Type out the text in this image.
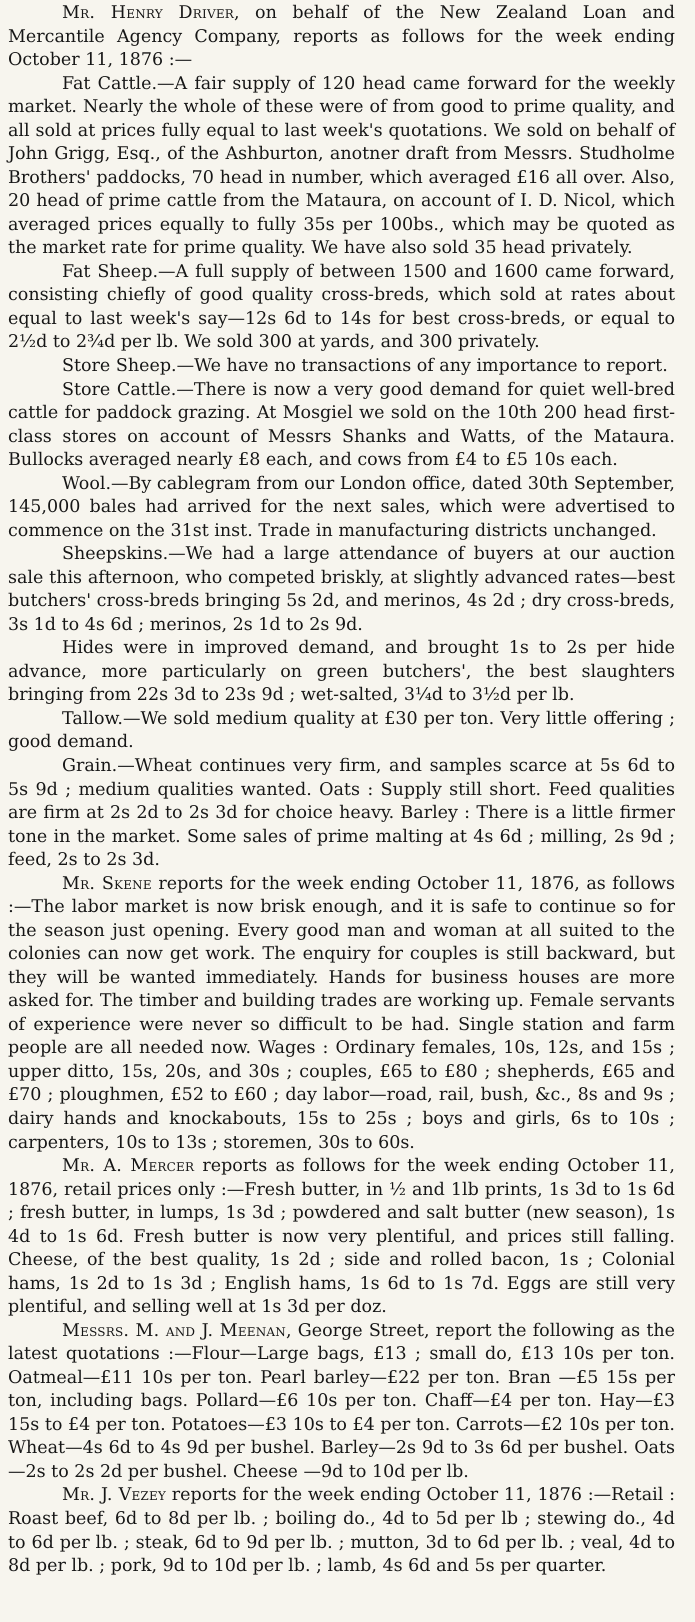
Mr. Henry Driver, on behalf of the New Zealand Loan and Mercantile Agency Company, reports as follows for the week ending October 11, 1876 :—

Fat Cattle.—A fair supply of 120 head came forward for the weekly market. Nearly the whole of these were of from good to prime quality, and all sold at prices fully equal to last week's quotations. We sold on behalf of John Grigg, Esq., of the Ashburton, anotner draft from Messrs. Studholme Brothers' paddocks, 70 head in number, which averaged £16 all over. Also, 20 head of prime cattle from the Mataura, on account of I. D. Nicol, which averaged prices equally to fully 35s per 100bs., which may be quoted as the market rate for prime quality. We have also sold 35 head privately.

Fat Sheep.—A full supply of between 1500 and 1600 came forward, consisting chiefly of good quality cross-breds, which sold at rates about equal to last week's say—12s 6d to 14s for best cross-breds, or equal to 2½d to 2¾d per lb. We sold 300 at yards, and 300 privately.

Store Sheep.—We have no transactions of any importance to report.

Store Cattle.—There is now a very good demand for quiet well-bred cattle for paddock grazing. At Mosgiel we sold on the 10th 200 head first-class stores on account of Messrs Shanks and Watts, of the Mataura. Bullocks averaged nearly £8 each, and cows from £4 to £5 10s each.

Wool.—By cablegram from our London office, dated 30th September, 145,000 bales had arrived for the next sales, which were advertised to commence on the 31st inst. Trade in manufacturing districts unchanged.

Sheepskins.—We had a large attendance of buyers at our auction sale this afternoon, who competed briskly, at slightly advanced rates—best butchers' cross-breds bringing 5s 2d, and merinos, 4s 2d ; dry cross-breds, 3s 1d to 4s 6d ; merinos, 2s 1d to 2s 9d.

Hides were in improved demand, and brought 1s to 2s per hide advance, more particularly on green butchers', the best slaughters bringing from 22s 3d to 23s 9d ; wet-salted, 3¼d to 3½d per lb.

Tallow.—We sold medium quality at £30 per ton. Very little offering ; good demand.

Grain.—Wheat continues very firm, and samples scarce at 5s 6d to 5s 9d ; medium qualities wanted. Oats : Supply still short. Feed qualities are firm at 2s 2d to 2s 3d for choice heavy. Barley : There is a little firmer tone in the market. Some sales of prime malting at 4s 6d ; milling, 2s 9d ; feed, 2s to 2s 3d.

Mr. Skene reports for the week ending October 11, 1876, as follows :—The labor market is now brisk enough, and it is safe to continue so for the season just opening. Every good man and woman at all suited to the colonies can now get work. The enquiry for couples is still backward, but they will be wanted immediately. Hands for business houses are more asked for. The timber and building trades are working up. Female servants of experience were never so difficult to be had. Single station and farm people are all needed now. Wages : Ordinary females, 10s, 12s, and 15s ; upper ditto, 15s, 20s, and 30s ; couples, £65 to £80 ; shepherds, £65 and £70 ; ploughmen, £52 to £60 ; day labor—road, rail, bush, &c., 8s and 9s ; dairy hands and knockabouts, 15s to 25s ; boys and girls, 6s to 10s ; carpenters, 10s to 13s ; storemen, 30s to 60s.

Mr. A. Mercer reports as follows for the week ending October 11, 1876, retail prices only :—Fresh butter, in ½ and 1lb prints, 1s 3d to 1s 6d ; fresh butter, in lumps, 1s 3d ; powdered and salt butter (new season), 1s 4d to 1s 6d. Fresh butter is now very plentiful, and prices still falling. Cheese, of the best quality, 1s 2d ; side and rolled bacon, 1s ; Colonial hams, 1s 2d to 1s 3d ; English hams, 1s 6d to 1s 7d. Eggs are still very plentiful, and selling well at 1s 3d per doz.

Messrs. M. and J. Meenan, George Street, report the following as the latest quotations :—Flour—Large bags, £13 ; small do, £13 10s per ton. Oatmeal—£11 10s per ton. Pearl barley—£22 per ton. Bran —£5 15s per ton, including bags. Pollard—£6 10s per ton. Chaff—£4 per ton. Hay—£3 15s to £4 per ton. Potatoes—£3 10s to £4 per ton. Carrots—£2 10s per ton. Wheat—4s 6d to 4s 9d per bushel. Barley—2s 9d to 3s 6d per bushel. Oats—2s to 2s 2d per bushel. Cheese —9d to 10d per lb.

Mr. J. Vezey reports for the week ending October 11, 1876 :—Retail : Roast beef, 6d to 8d per lb. ; boiling do., 4d to 5d per lb ; stewing do., 4d to 6d per lb. ; steak, 6d to 9d per lb. ; mutton, 3d to 6d per lb. ; veal, 4d to 8d per lb. ; pork, 9d to 10d per lb. ; lamb, 4s 6d and 5s per quarter.
